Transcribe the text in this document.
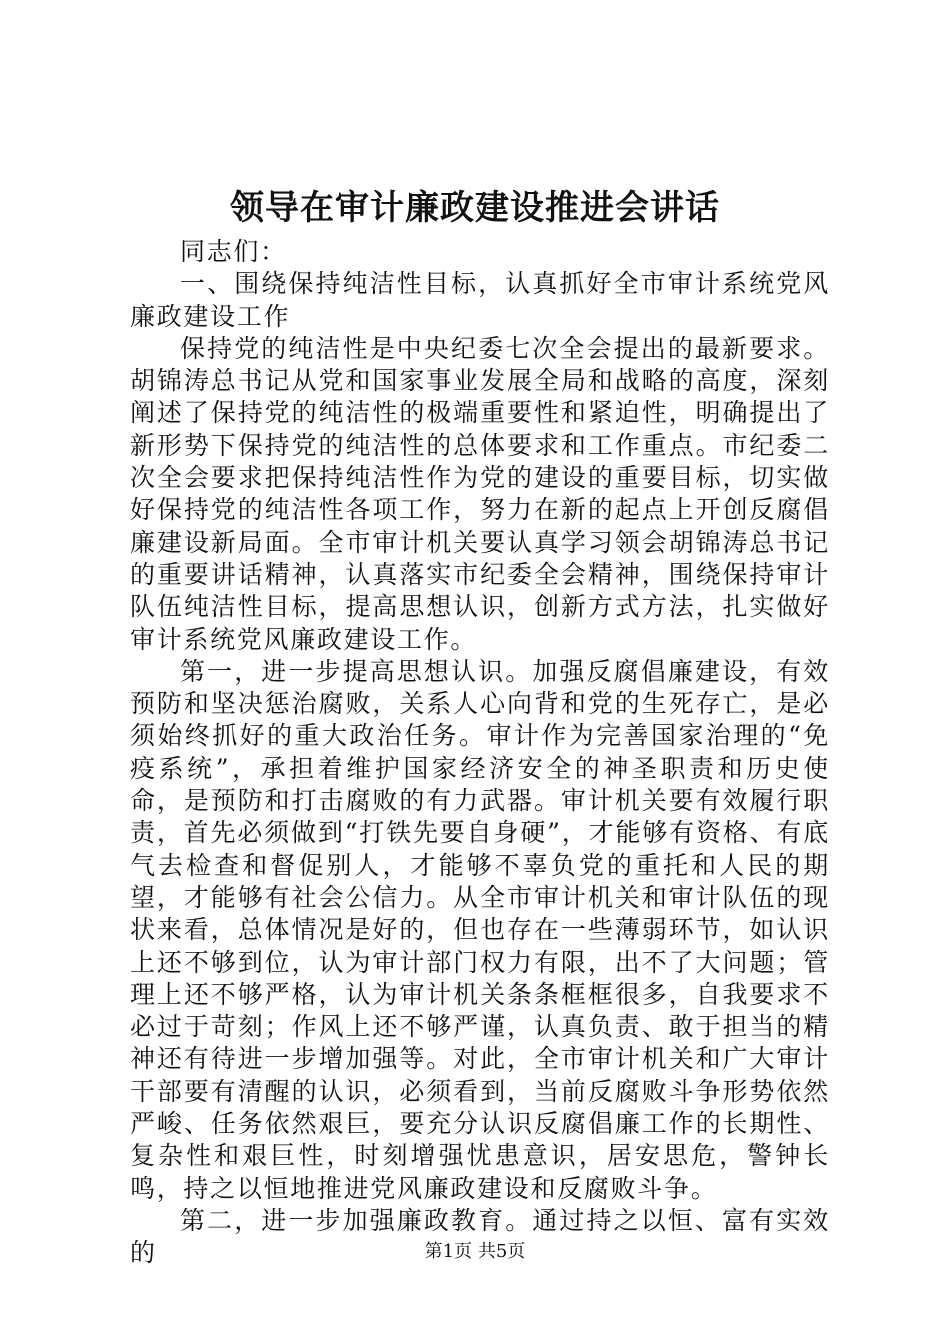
领导在审计廉政建设推进会讲话

同志们：

一、围绕保持纯洁性目标，认真抓好全市审计系统党风廉政建设工作

保持党的纯洁性是中央纪委七次全会提出的最新要求。胡锦涛总书记从党和国家事业发展全局和战略的高度，深刻阐述了保持党的纯洁性的极端重要性和紧迫性，明确提出了新形势下保持党的纯洁性的总体要求和工作重点。市纪委二次全会要求把保持纯洁性作为党的建设的重要目标，切实做好保持党的纯洁性各项工作，努力在新的起点上开创反腐倡廉建设新局面。全市审计机关要认真学习领会胡锦涛总书记的重要讲话精神，认真落实市纪委全会精神，围绕保持审计队伍纯洁性目标，提高思想认识，创新方式方法，扎实做好审计系统党风廉政建设工作。

第一，进一步提高思想认识。加强反腐倡廉建设，有效预防和坚决惩治腐败，关系人心向背和党的生死存亡，是必须始终抓好的重大政治任务。审计作为完善国家治理的“免疫系统”，承担着维护国家经济安全的神圣职责和历史使命，是预防和打击腐败的有力武器。审计机关要有效履行职责，首先必须做到“打铁先要自身硬”，才能够有资格、有底气去检查和督促别人，才能够不辜负党的重托和人民的期望，才能够有社会公信力。从全市审计机关和审计队伍的现状来看，总体情况是好的，但也存在一些薄弱环节，如认识上还不够到位，认为审计部门权力有限，出不了大问题；管理上还不够严格，认为审计机关条条框框很多，自我要求不必过于苛刻；作风上还不够严谨，认真负责、敢于担当的精神还有待进一步增加强等。对此，全市审计机关和广大审计干部要有清醒的认识，必须看到，当前反腐败斗争形势依然严峻、任务依然艰巨，要充分认识反腐倡廉工作的长期性、复杂性和艰巨性，时刻增强忧患意识，居安思危，警钟长鸣，持之以恒地推进党风廉政建设和反腐败斗争。

第二，进一步加强廉政教育。通过持之以恒、富有实效的	第1页 共5页
